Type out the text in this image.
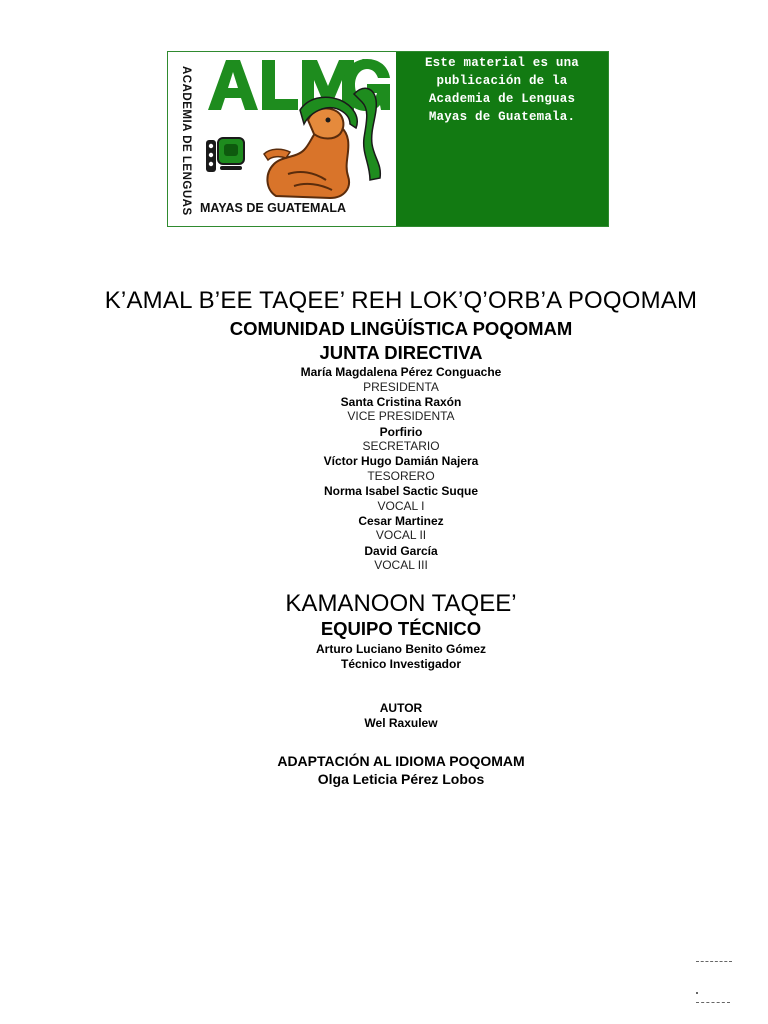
ACADEMIA DE LENGUAS MAYAS DE GUATEMALA
Este material es una
publicación de la
Academia de Lenguas
Mayas de Guatemala.
K’AMAL B’EE TAQEE’ REH LOK’Q’ORB’A POQOMAM
COMUNIDAD LINGÜÍSTICA POQOMAM
JUNTA DIRECTIVA
María Magdalena Pérez Conguache
PRESIDENTA
Santa Cristina Raxón
VICE PRESIDENTA
Porfirio
SECRETARIO
Víctor Hugo Damián Najera
TESORERO
Norma Isabel Sactic Suque
VOCAL I
Cesar Martinez
VOCAL II
David García
VOCAL III
KAMANOON TAQEE’
EQUIPO TÉCNICO
Arturo Luciano Benito Gómez
Técnico Investigador
AUTOR
Wel Raxulew
ADAPTACIÓN AL IDIOMA POQOMAM
Olga Leticia Pérez Lobos
